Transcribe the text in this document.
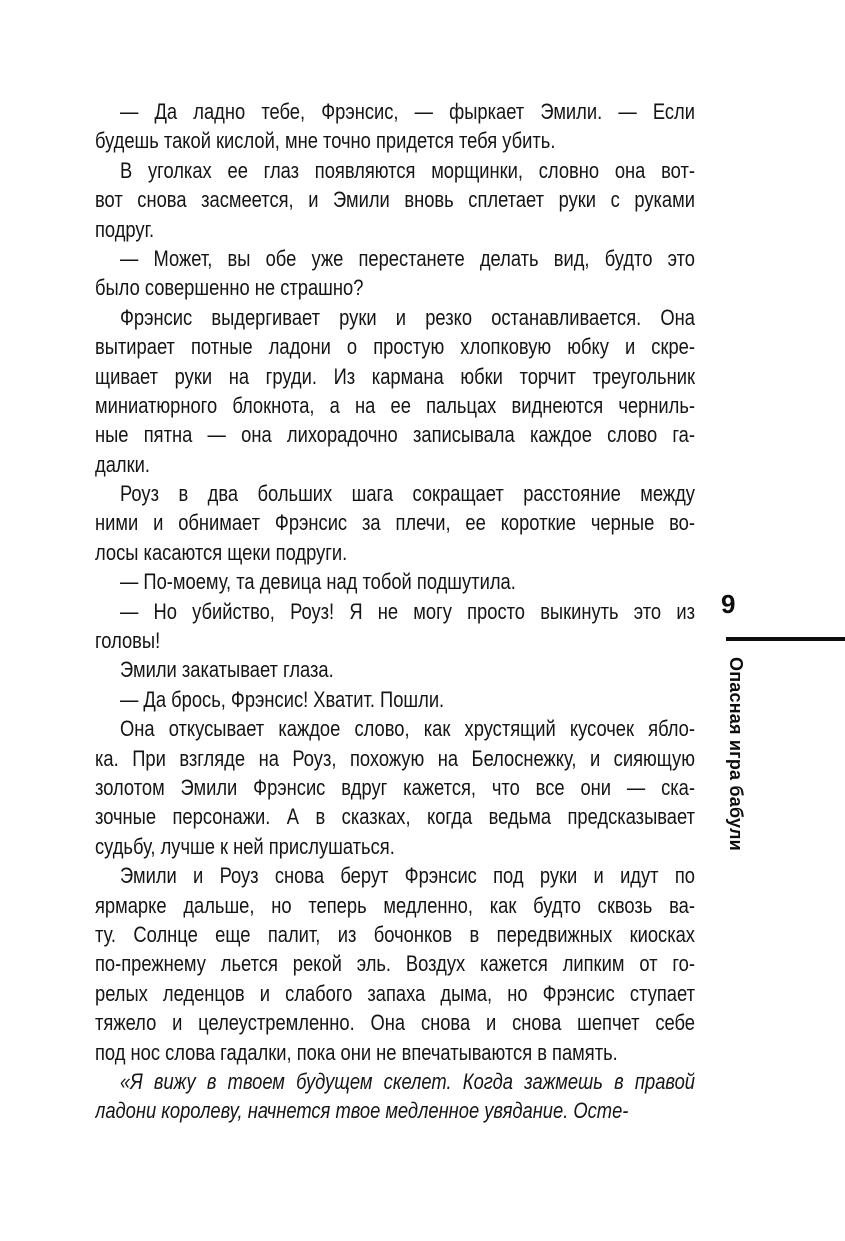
— Да ладно тебе, Фрэнсис, — фыркает Эмили. — Если
будешь такой кислой, мне точно придется тебя убить.
В уголках ее глаз появляются морщинки, словно она вот-
вот снова засмеется, и Эмили вновь сплетает руки с руками
подруг.
— Может, вы обе уже перестанете делать вид, будто это
было совершенно не страшно?
Фрэнсис выдергивает руки и резко останавливается. Она
вытирает потные ладони о простую хлопковую юбку и скре-
щивает руки на груди. Из кармана юбки торчит треугольник
миниатюрного блокнота, а на ее пальцах виднеются черниль-
ные пятна — она лихорадочно записывала каждое слово га-
далки.
Роуз в два больших шага сокращает расстояние между
ними и обнимает Фрэнсис за плечи, ее короткие черные во-
лосы касаются щеки подруги.
— По-моему, та девица над тобой подшутила.
— Но убийство, Роуз! Я не могу просто выкинуть это из
головы!
Эмили закатывает глаза.
— Да брось, Фрэнсис! Хватит. Пошли.
Она откусывает каждое слово, как хрустящий кусочек ябло-
ка. При взгляде на Роуз, похожую на Белоснежку, и сияющую
золотом Эмили Фрэнсис вдруг кажется, что все они — ска-
зочные персонажи. А в сказках, когда ведьма предсказывает
судьбу, лучше к ней прислушаться.
Эмили и Роуз снова берут Фрэнсис под руки и идут по
ярмарке дальше, но теперь медленно, как будто сквозь ва-
ту. Солнце еще палит, из бочонков в передвижных киосках
по-прежнему льется рекой эль. Воздух кажется липким от го-
релых леденцов и слабого запаха дыма, но Фрэнсис ступает
тяжело и целеустремленно. Она снова и снова шепчет себе
под нос слова гадалки, пока они не впечатываются в память.
«Я вижу в твоем будущем скелет. Когда зажмешь в правой
ладони королеву, начнется твое медленное увядание. Осте-
9
Опасная игра бабули
